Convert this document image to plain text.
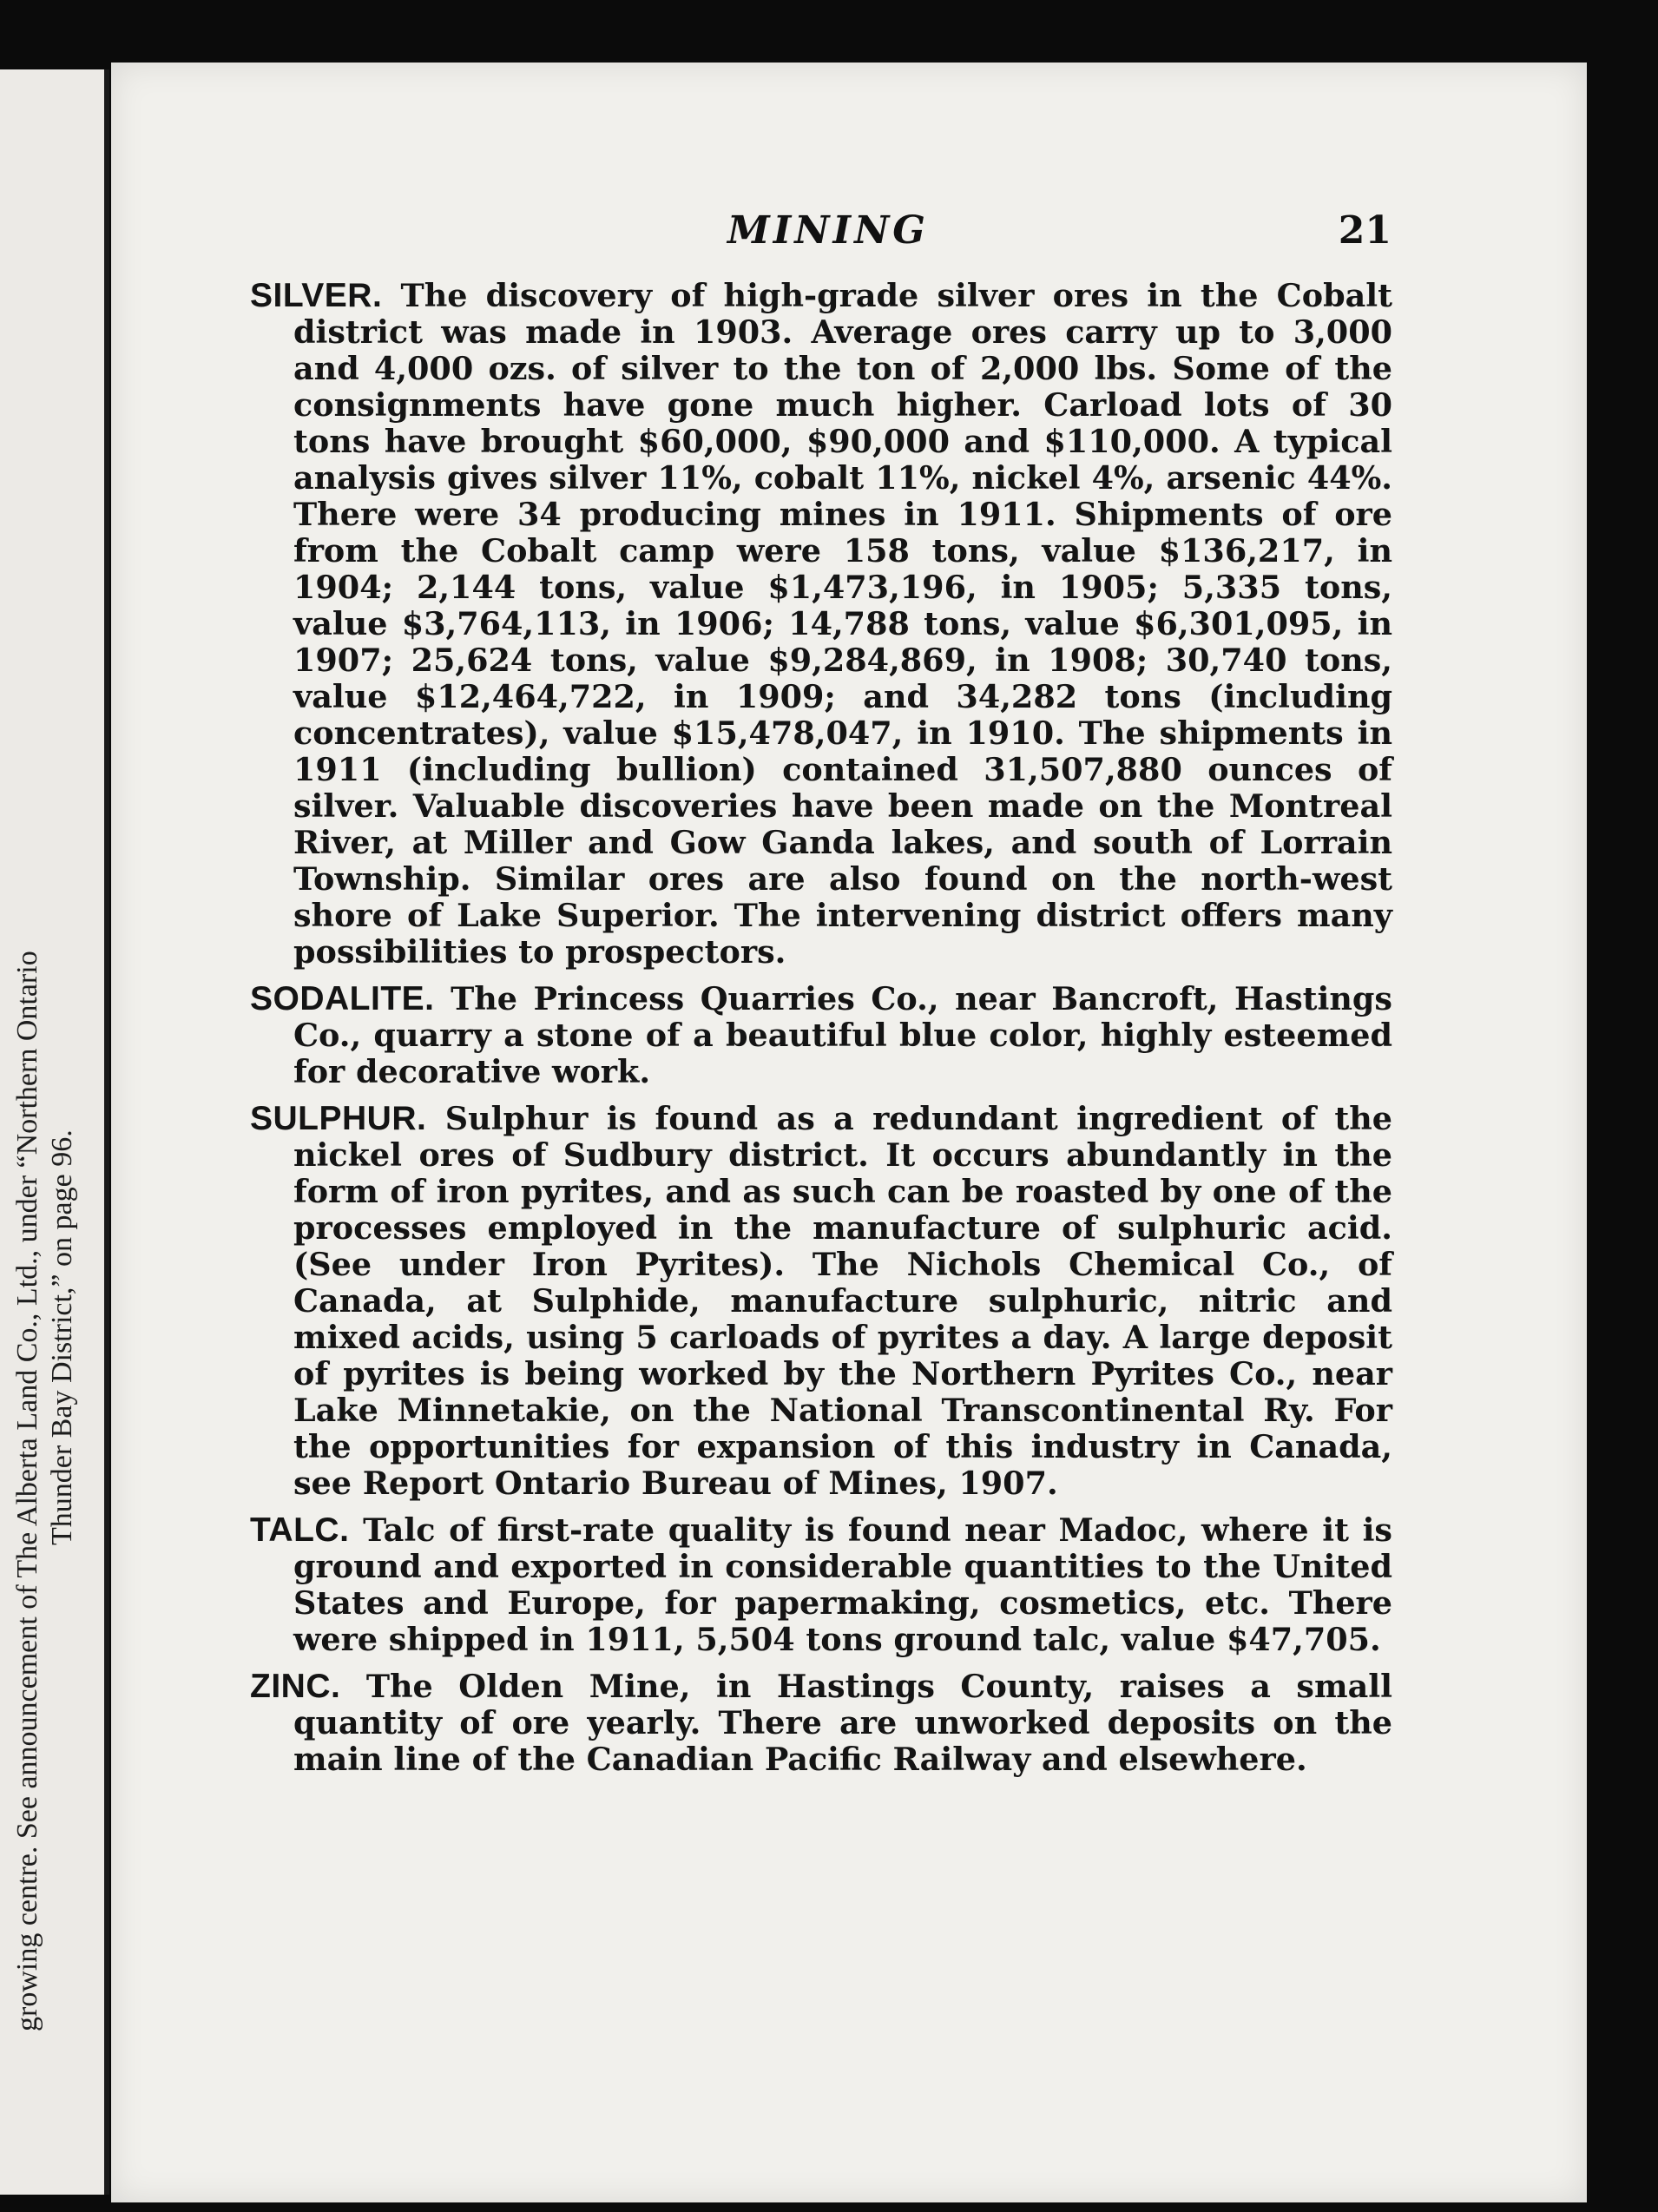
growing centre. See announcement of The Alberta Land Co., Ltd., under “Northern Ontario Thunder Bay District,” on page 96.
MINING	21

SILVER. The discovery of high-grade silver ores in the Cobalt district was made in 1903. Average ores carry up to 3,000 and 4,000 ozs. of silver to the ton of 2,000 lbs. Some of the consignments have gone much higher. Carload lots of 30 tons have brought $60,000, $90,000 and $110,000. A typical analysis gives silver 11%, cobalt 11%, nickel 4%, arsenic 44%. There were 34 producing mines in 1911. Shipments of ore from the Cobalt camp were 158 tons, value $136,217, in 1904; 2,144 tons, value $1,473,196, in 1905; 5,335 tons, value $3,764,113, in 1906; 14,788 tons, value $6,301,095, in 1907; 25,624 tons, value $9,284,869, in 1908; 30,740 tons, value $12,464,722, in 1909; and 34,282 tons (including concentrates), value $15,478,047, in 1910. The shipments in 1911 (including bullion) contained 31,507,880 ounces of silver. Valuable discoveries have been made on the Montreal River, at Miller and Gow Ganda lakes, and south of Lorrain Township. Similar ores are also found on the north-west shore of Lake Superior. The intervening district offers many possibilities to prospectors.

SODALITE. The Princess Quarries Co., near Bancroft, Hastings Co., quarry a stone of a beautiful blue color, highly esteemed for decorative work.

SULPHUR. Sulphur is found as a redundant ingredient of the nickel ores of Sudbury district. It occurs abundantly in the form of iron pyrites, and as such can be roasted by one of the processes employed in the manufacture of sulphuric acid. (See under Iron Pyrites). The Nichols Chemical Co., of Canada, at Sulphide, manufacture sulphuric, nitric and mixed acids, using 5 carloads of pyrites a day. A large deposit of pyrites is being worked by the Northern Pyrites Co., near Lake Minnetakie, on the National Transcontinental Ry. For the opportunities for expansion of this industry in Canada, see Report Ontario Bureau of Mines, 1907.

TALC. Talc of first-rate quality is found near Madoc, where it is ground and exported in considerable quantities to the United States and Europe, for papermaking, cosmetics, etc. There were shipped in 1911, 5,504 tons ground talc, value $47,705.

ZINC. The Olden Mine, in Hastings County, raises a small quantity of ore yearly. There are unworked deposits on the main line of the Canadian Pacific Railway and elsewhere.
